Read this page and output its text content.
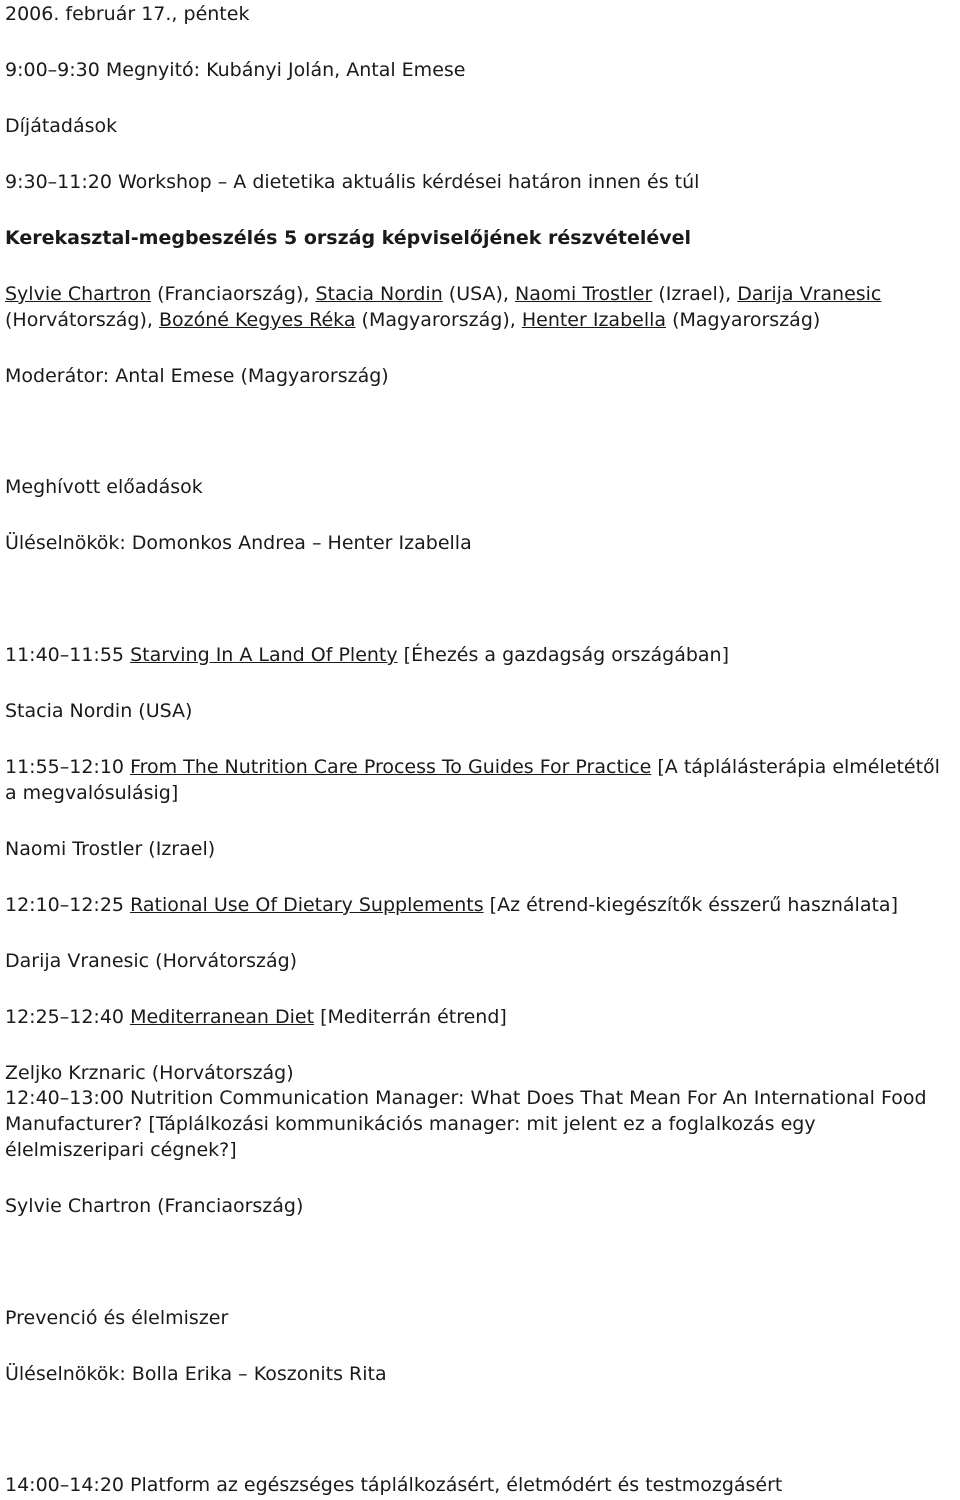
2006. február 17., péntek
9:00–9:30 Megnyitó: Kubányi Jolán, Antal Emese
Díjátadások
9:30–11:20 Workshop – A dietetika aktuális kérdései határon innen és túl
Kerekasztal-megbeszélés 5 ország képviselőjének részvételével
Sylvie Chartron (Franciaország), Stacia Nordin (USA), Naomi Trostler (Izrael), Darija Vranesic (Horvátország), Bozóné Kegyes Réka (Magyarország), Henter Izabella (Magyarország)
Moderátor: Antal Emese (Magyarország)
Meghívott előadások
Üléselnökök: Domonkos Andrea – Henter Izabella
11:40–11:55 Starving In A Land Of Plenty [Éhezés a gazdagság országában]
Stacia Nordin (USA)
11:55–12:10 From The Nutrition Care Process To Guides For Practice [A táplálásterápia elméletétől a megvalósulásig]
Naomi Trostler (Izrael)
12:10–12:25 Rational Use Of Dietary Supplements [Az étrend-kiegészítők ésszerű használata]
Darija Vranesic (Horvátország)
12:25–12:40 Mediterranean Diet [Mediterrán étrend]
Zeljko Krznaric (Horvátország)
12:40–13:00 Nutrition Communication Manager: What Does That Mean For An International Food Manufacturer? [Táplálkozási kommunikációs manager: mit jelent ez a foglalkozás egy élelmiszeripari cégnek?]
Sylvie Chartron (Franciaország)
Prevenció és élelmiszer
Üléselnökök: Bolla Erika – Koszonits Rita
14:00–14:20 Platform az egészséges táplálkozásért, életmódért és testmozgásért
